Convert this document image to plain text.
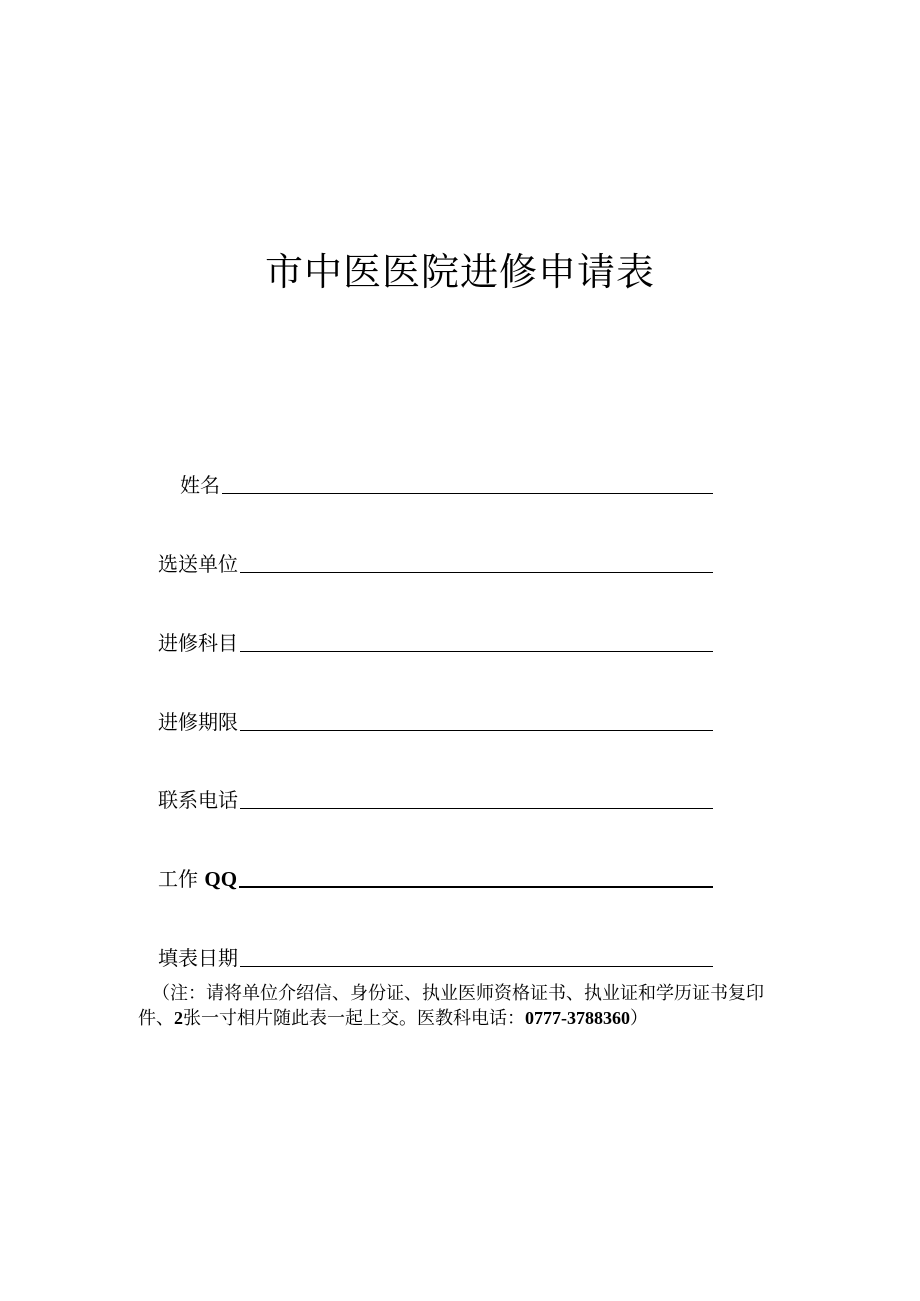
市中医医院进修申请表
姓名
选送单位
进修科目
进修期限
联系电话
工作 QQ
填表日期
（注：请将单位介绍信、身份证、执业医师资格证书、执业证和学历证书复印件、2张一寸相片随此表一起上交。医教科电话：0777-3788360）
